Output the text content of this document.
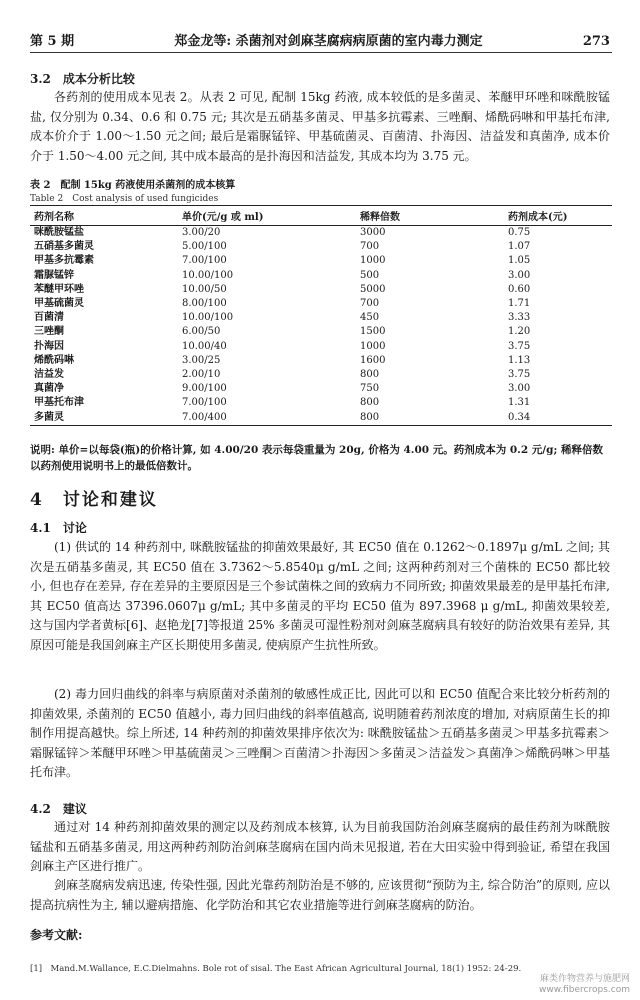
第 5 期	郑金龙等: 杀菌剂对剑麻茎腐病病原菌的室内毒力测定	273
3.2　成本分析比较
各药剂的使用成本见表 2。从表 2 可见, 配制 15kg 药液, 成本较低的是多菌灵、苯醚甲环唑和咪酰胺锰盐, 仅分别为 0.34、0.6 和 0.75 元; 其次是五硝基多菌灵、甲基多抗霉素、三唑酮、烯酰码啉和甲基托布津, 成本价介于 1.00～1.50 元之间; 最后是霜脲锰锌、甲基硫菌灵、百菌清、扑海因、洁益发和真菌净, 成本价介于 1.50～4.00 元之间, 其中成本最高的是扑海因和洁益发, 其成本均为 3.75 元。
表 2　配制 15kg 药液使用杀菌剂的成本核算
Table 2　Cost analysis of used fungicides
药剂名称	单价(元/g 或 ml)	稀释倍数	药剂成本(元)
咪酰胺锰盐	3.00/20	3000	0.75
五硝基多菌灵	5.00/100	700	1.07
甲基多抗霉素	7.00/100	1000	1.05
霜脲锰锌	10.00/100	500	3.00
苯醚甲环唑	10.00/50	5000	0.60
甲基硫菌灵	8.00/100	700	1.71
百菌清	10.00/100	450	3.33
三唑酮	6.00/50	1500	1.20
扑海因	10.00/40	1000	3.75
烯酰码啉	3.00/25	1600	1.13
洁益发	2.00/10	800	3.75
真菌净	9.00/100	750	3.00
甲基托布津	7.00/100	800	1.31
多菌灵	7.00/400	800	0.34
说明: 单价=以每袋(瓶)的价格计算, 如 4.00/20 表示每袋重量为 20g, 价格为 4.00 元。药剂成本为 0.2 元/g; 稀释倍数以药剂使用说明书上的最低倍数计。
4　讨论和建议
4.1　讨论
(1) 供试的 14 种药剂中, 咪酰胺锰盐的抑菌效果最好, 其 EC50 值在 0.1262～0.1897μ g/mL 之间; 其次是五硝基多菌灵, 其 EC50 值在 3.7362～5.8540μ g/mL 之间; 这两种药剂对三个菌株的 EC50 都比较小, 但也存在差异, 存在差异的主要原因是三个参试菌株之间的致病力不同所致; 抑菌效果最差的是甲基托布津, 其 EC50 值高达 37396.0607μ g/mL; 其中多菌灵的平均 EC50 值为 897.3968 μ g/mL, 抑菌效果较差, 这与国内学者黄标[6]、赵艳龙[7]等报道 25% 多菌灵可湿性粉剂对剑麻茎腐病具有较好的防治效果有差异, 其原因可能是我国剑麻主产区长期使用多菌灵, 使病原产生抗性所致。
(2) 毒力回归曲线的斜率与病原菌对杀菌剂的敏感性成正比, 因此可以和 EC50 值配合来比较分析药剂的抑菌效果, 杀菌剂的 EC50 值越小, 毒力回归曲线的斜率值越高, 说明随着药剂浓度的增加, 对病原菌生长的抑制作用提高越快。综上所述, 14 种药剂的抑菌效果排序依次为: 咪酰胺锰盐＞五硝基多菌灵＞甲基多抗霉素＞霜脲锰锌＞苯醚甲环唑＞甲基硫菌灵＞三唑酮＞百菌清＞扑海因＞多菌灵＞洁益发＞真菌净＞烯酰码啉＞甲基托布津。
4.2　建议
通过对 14 种药剂抑菌效果的测定以及药剂成本核算, 认为目前我国防治剑麻茎腐病的最佳药剂为咪酰胺锰盐和五硝基多菌灵, 用这两种药剂防治剑麻茎腐病在国内尚未见报道, 若在大田实验中得到验证, 希望在我国剑麻主产区进行推广。
剑麻茎腐病发病迅速, 传染性强, 因此光靠药剂防治是不够的, 应该贯彻“预防为主, 综合防治”的原则, 应以提高抗病性为主, 辅以避病措施、化学防治和其它农业措施等进行剑麻茎腐病的防治。
参考文献:
[1]　Mand.M.Wallance, E.C.Dielmahns. Bole rot of sisal. The East African Agricultural Journal, 18(1) 1952: 24-29.
麻类作物营养与施肥网
www.fibercrops.com
